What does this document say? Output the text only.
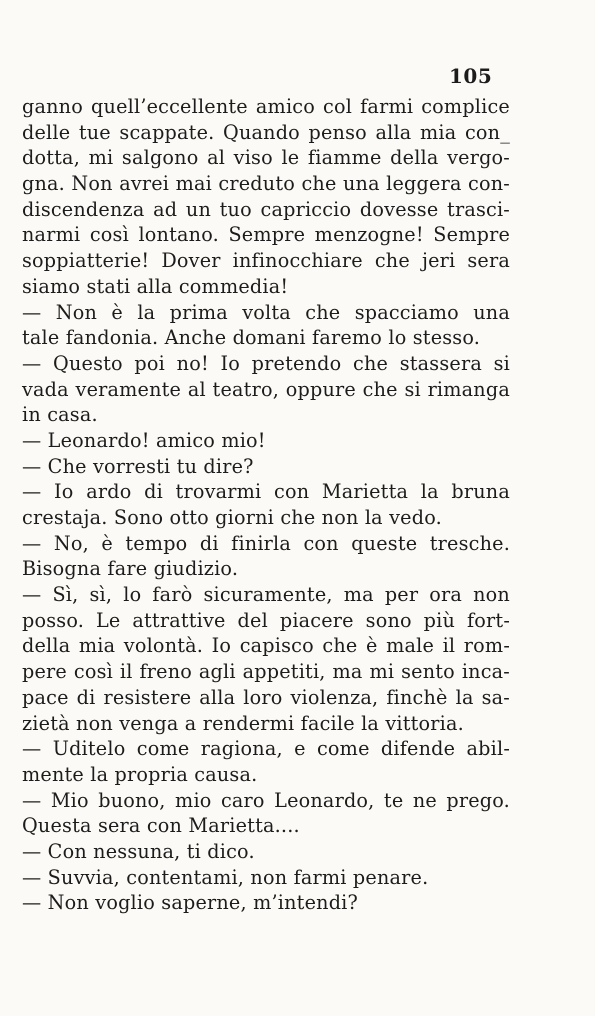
105
ganno quell’eccellente amico col farmi complice
delle tue scappate. Quando penso alla mia con_
dotta, mi salgono al viso le fiamme della vergo-
gna. Non avrei mai creduto che una leggera con-
discendenza ad un tuo capriccio dovesse trasci-
narmi così lontano. Sempre menzogne! Sempre
soppiatterie! Dover infinocchiare che jeri sera
siamo stati alla commedia!
— Non è la prima volta che spacciamo una
tale fandonia. Anche domani faremo lo stesso.
— Questo poi no! Io pretendo che stassera si
vada veramente al teatro, oppure che si rimanga
in casa.
— Leonardo! amico mio!
— Che vorresti tu dire?
— Io ardo di trovarmi con Marietta la bruna
crestaja. Sono otto giorni che non la vedo.
— No, è tempo di finirla con queste tresche.
Bisogna fare giudizio.
— Sì, sì, lo farò sicuramente, ma per ora non
posso. Le attrattive del piacere sono più fort-
della mia volontà. Io capisco che è male il rom-
pere così il freno agli appetiti, ma mi sento inca-
pace di resistere alla loro violenza, finchè la sa-
zietà non venga a rendermi facile la vittoria.
— Uditelo come ragiona, e come difende abil-
mente la propria causa.
— Mio buono, mio caro Leonardo, te ne prego.
Questa sera con Marietta....
— Con nessuna, ti dico.
— Suvvia, contentami, non farmi penare.
— Non voglio saperne, m’intendi?
